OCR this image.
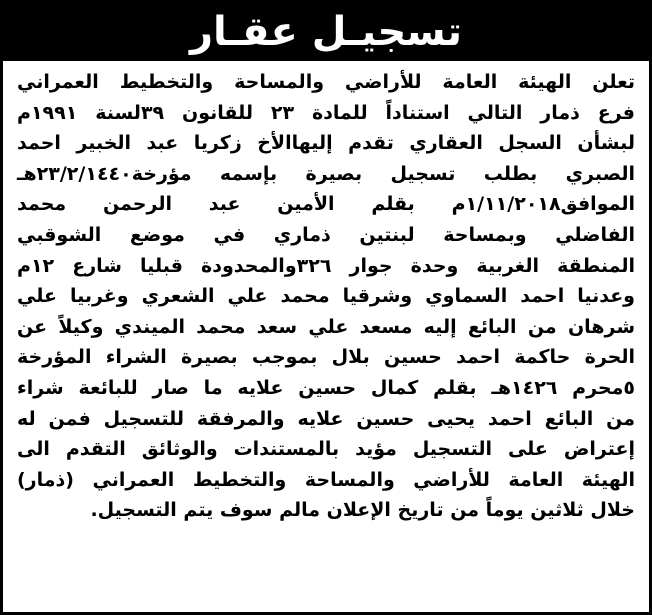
تسجيـل عقـار
تعلن الهيئة العامة للأراضي والمساحة والتخطيط العمراني
فرع ذمار التالي استناداً للمادة ٢٣ للقانون ٣٩لسنة ١٩٩١م
لبشأن السجل العقاري تقدم إليهاالأخ زكريا عبد الخبير احمد
الصبري بطلب تسجيل بصيرة بإسمه مؤرخة٢٣/٢/١٤٤٠هـ
الموافق١/١١/٢٠١٨م بقلم الأمين عبد الرحمن محمد
الفاضلي وبمساحة لبنتين ذماري في موضع الشوقبي
المنطقة الغربية وحدة جوار ٣٢٦والمحدودة قبليا شارع ١٢م
وعدنيا احمد السماوي وشرقيا محمد علي الشعري وغربيا علي
شرهان من البائع إليه مسعد علي سعد محمد الميندي وكيلاً عن
الحرة حاكمة احمد حسين بلال بموجب بصيرة الشراء المؤرخة
٥محرم ١٤٢٦هـ بقلم كمال حسين علايه ما صار للبائعة شراء
من البائع احمد يحيى حسين علايه والمرفقة للتسجيل فمن له
إعتراض على التسجيل مؤيد بالمستندات والوثائق التقدم الى
الهيئة العامة للأراضي والمساحة والتخطيط العمراني (ذمار)
خلال ثلاثين يوماً من تاريخ الإعلان مالم سوف يتم التسجيل.
